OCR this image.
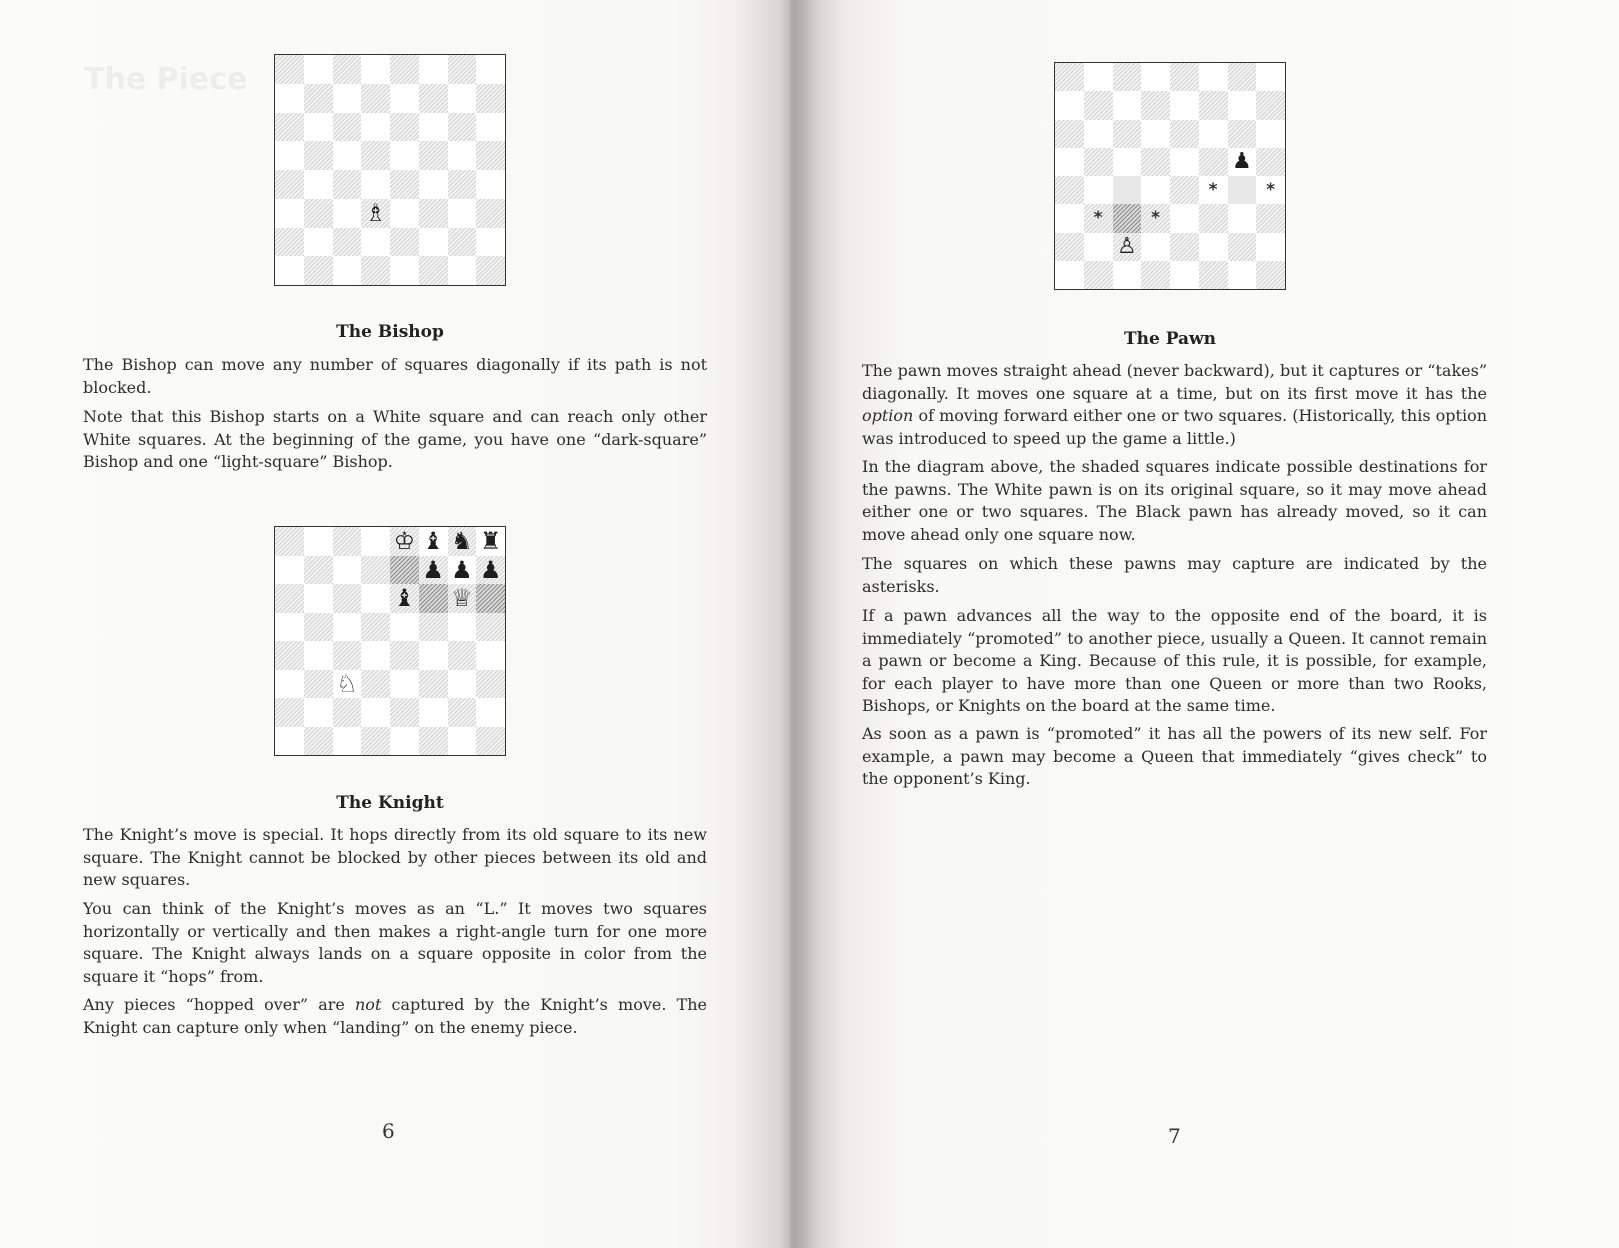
The Piece
♗
The Bishop

The Bishop can move any number of squares diagonally if its path is not blocked.

Note that this Bishop starts on a White square and can reach only other White squares. At the beginning of the game, you have one “dark-square” Bishop and one “light-square” Bishop.

♔ ♝ ♞ ♜
♟ ♟ ♟
♝ ♕
♘
The Knight

The Knight’s move is special. It hops directly from its old square to its new square. The Knight cannot be blocked by other pieces between its old and new squares.

You can think of the Knight’s moves as an “L.” It moves two squares horizontally or vertically and then makes a right-angle turn for one more square. The Knight always lands on a square opposite in color from the square it “hops” from.

Any pieces “hopped over” are not captured by the Knight’s move. The Knight can capture only when “landing” on the enemy piece.

6
♟
*	*
*	*
♙
The Pawn

The pawn moves straight ahead (never backward), but it captures or “takes” diagonally. It moves one square at a time, but on its first move it has the option of moving forward either one or two squares. (Historically, this option was introduced to speed up the game a little.)

In the diagram above, the shaded squares indicate possible destinations for the pawns. The White pawn is on its original square, so it may move ahead either one or two squares. The Black pawn has already moved, so it can move ahead only one square now.

The squares on which these pawns may capture are indicated by the asterisks.

If a pawn advances all the way to the opposite end of the board, it is immediately “promoted” to another piece, usually a Queen. It cannot remain a pawn or become a King. Because of this rule, it is possible, for example, for each player to have more than one Queen or more than two Rooks, Bishops, or Knights on the board at the same time.

As soon as a pawn is “promoted” it has all the powers of its new self. For example, a pawn may become a Queen that immediately “gives check” to the opponent’s King.

7
